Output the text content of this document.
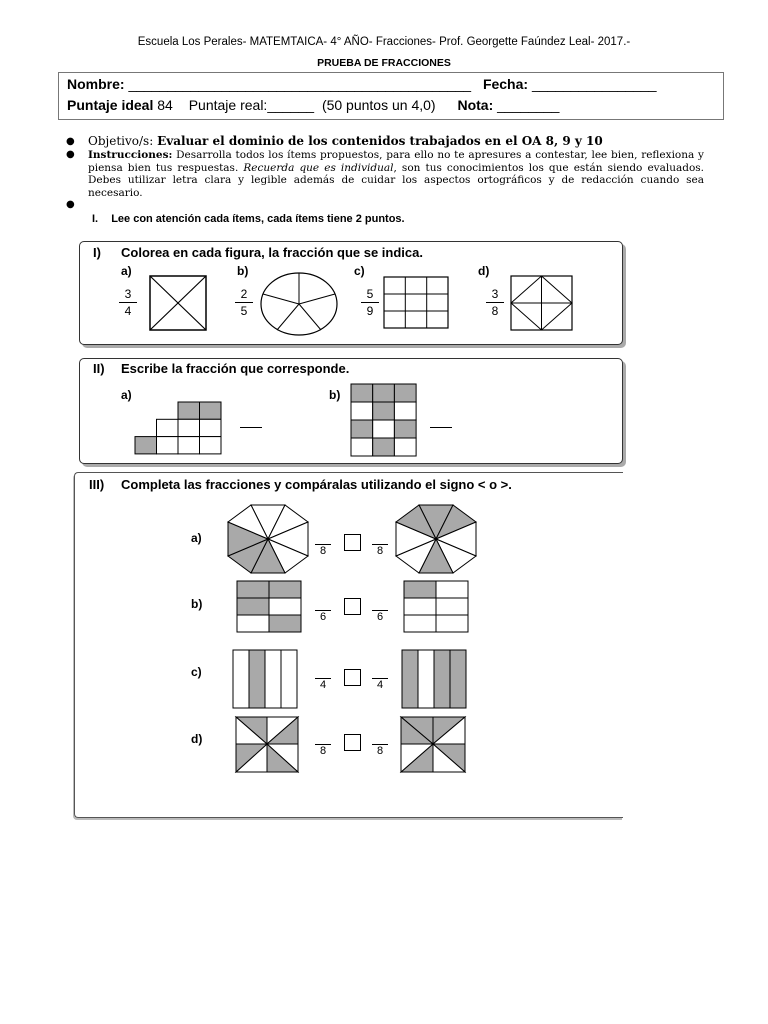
Escuela Los Perales- MATEMTAICA- 4° AÑO- Fracciones- Prof. Georgette Faúndez Leal- 2017.-
PRUEBA DE FRACCIONES
Nombre: ____________________________________________ Fecha: ________________
Puntaje ideal 84 Puntaje real:______ (50 puntos un 4,0) Nota: ________
● Objetivo/s: Evaluar el dominio de los contenidos trabajados en el OA 8, 9 y 10
● Instrucciones: Desarrolla todos los ítems propuestos, para ello no te apresures a contestar, lee bien, reflexiona y piensa bien tus respuestas. Recuerda que es individual, son tus conocimientos los que están siendo evaluados. Debes utilizar letra clara y legible además de cuidar los aspectos ortográficos y de redacción cuando sea necesario.
●
I. Lee con atención cada ítems, cada ítems tiene 2 puntos.
I) Colorea en cada figura, la fracción que se indica.
a)	b)	c)	d)
3
4
2
5
5
9
3
8
II) Escribe la fracción que corresponde.
a)	b)
III) Completa las fracciones y compáralas utilizando el signo < o >.
a)
8	8
b)
6	6
c)
4	4
d)
8	8
